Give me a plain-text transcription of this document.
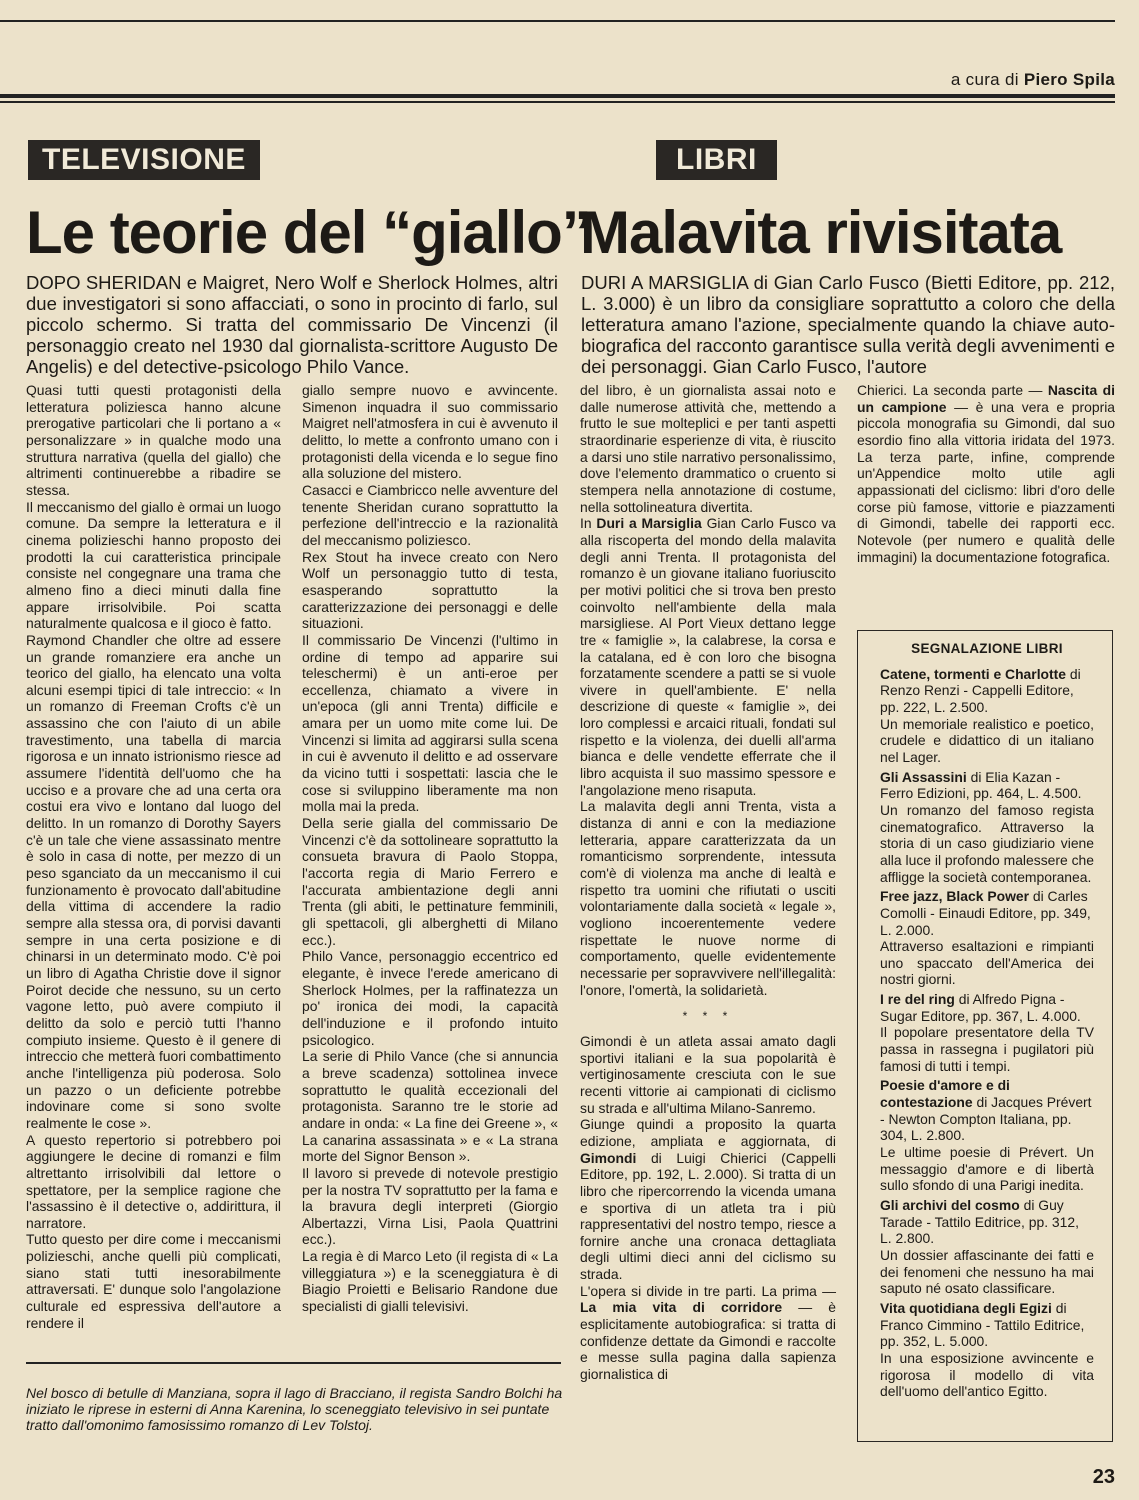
a cura di Piero Spila
TELEVISIONE	LIBRI
Le teorie del “giallo”
Malavita rivisitata
DOPO SHERIDAN e Maigret, Nero Wolf e Sherlock Holmes, altri due investigatori si sono affacciati, o sono in procinto di farlo, sul piccolo schermo. Si tratta del commissario De Vincenzi (il personaggio creato nel 1930 dal giornalista-scrittore Augusto De Angelis) e del detective-psicologo Philo Vance.
DURI A MARSIGLIA di Gian Carlo Fusco (Bietti Editore, pp. 212, L. 3.000) è un libro da consigliare soprattutto a coloro che della letteratura amano l'azione, specialmente quando la chiave auto-biografica del racconto garantisce sulla verità degli avvenimenti e dei personaggi. Gian Carlo Fusco, l'autore

Quasi tutti questi protagonisti della letteratura poliziesca hanno alcune prerogative particolari che li portano a « personalizzare » in qualche modo una struttura narrativa (quella del giallo) che altrimenti continuerebbe a ribadire se stessa.

Il meccanismo del giallo è ormai un luogo comune. Da sempre la letteratura e il cinema polizieschi hanno proposto dei prodotti la cui caratteristica principale consiste nel congegnare una trama che almeno fino a dieci minuti dalla fine appare irrisolvibile. Poi scatta naturalmente qualcosa e il gioco è fatto.

Raymond Chandler che oltre ad essere un grande romanziere era anche un teorico del giallo, ha elencato una volta alcuni esempi tipici di tale intreccio: « In un romanzo di Freeman Crofts c'è un assassino che con l'aiuto di un abile travestimento, una tabella di marcia rigorosa e un innato istrionismo riesce ad assumere l'identità dell'uomo che ha ucciso e a provare che ad una certa ora costui era vivo e lontano dal luogo del delitto. In un romanzo di Dorothy Sayers c'è un tale che viene assassinato mentre è solo in casa di notte, per mezzo di un peso sganciato da un meccanismo il cui funzionamento è provocato dall'abitudine della vittima di accendere la radio sempre alla stessa ora, di porvisi davanti sempre in una certa posizione e di chinarsi in un determinato modo. C'è poi un libro di Agatha Christie dove il signor Poirot decide che nessuno, su un certo vagone letto, può avere compiuto il delitto da solo e perciò tutti l'hanno compiuto insieme. Questo è il genere di intreccio che metterà fuori combattimento anche l'intelligenza più poderosa. Solo un pazzo o un deficiente potrebbe indovinare come si sono svolte realmente le cose ».

A questo repertorio si potrebbero poi aggiungere le decine di romanzi e film altrettanto irrisolvibili dal lettore o spettatore, per la semplice ragione che l'assassino è il detective o, addirittura, il narratore.

Tutto questo per dire come i meccanismi polizieschi, anche quelli più complicati, siano stati tutti inesorabilmente attraversati. E' dunque solo l'angolazione culturale ed espressiva dell'autore a rendere il

giallo sempre nuovo e avvincente. Simenon inquadra il suo commissario Maigret nell'atmosfera in cui è avvenuto il delitto, lo mette a confronto umano con i protagonisti della vicenda e lo segue fino alla soluzione del mistero.

Casacci e Ciambricco nelle avventure del tenente Sheridan curano soprattutto la perfezione dell'intreccio e la razionalità del meccanismo poliziesco.

Rex Stout ha invece creato con Nero Wolf un personaggio tutto di testa, esasperando soprattutto la caratterizzazione dei personaggi e delle situazioni.

Il commissario De Vincenzi (l'ultimo in ordine di tempo ad apparire sui teleschermi) è un anti-eroe per eccellenza, chiamato a vivere in un'epoca (gli anni Trenta) difficile e amara per un uomo mite come lui. De Vincenzi si limita ad aggirarsi sulla scena in cui è avvenuto il delitto e ad osservare da vicino tutti i sospettati: lascia che le cose si sviluppino liberamente ma non molla mai la preda.

Della serie gialla del commissario De Vincenzi c'è da sottolineare soprattutto la consueta bravura di Paolo Stoppa, l'accorta regia di Mario Ferrero e l'accurata ambientazione degli anni Trenta (gli abiti, le pettinature femminili, gli spettacoli, gli alberghetti di Milano ecc.).

Philo Vance, personaggio eccentrico ed elegante, è invece l'erede americano di Sherlock Holmes, per la raffinatezza un po' ironica dei modi, la capacità dell'induzione e il profondo intuito psicologico.

La serie di Philo Vance (che si annuncia a breve scadenza) sottolinea invece soprattutto le qualità eccezionali del protagonista. Saranno tre le storie ad andare in onda: « La fine dei Greene », « La canarina assassinata » e « La strana morte del Signor Benson ».

Il lavoro si prevede di notevole prestigio per la nostra TV soprattutto per la fama e la bravura degli interpreti (Giorgio Albertazzi, Virna Lisi, Paola Quattrini ecc.).

La regia è di Marco Leto (il regista di « La villeggiatura ») e la sceneggiatura è di Biagio Proietti e Belisario Randone due specialisti di gialli televisivi.

del libro, è un giornalista assai noto e dalle numerose attività che, mettendo a frutto le sue molteplici e per tanti aspetti straordinarie esperienze di vita, è riuscito a darsi uno stile narrativo personalissimo, dove l'elemento drammatico o cruento si stempera nella annotazione di costume, nella sottolineatura divertita.

In Duri a Marsiglia Gian Carlo Fusco va alla riscoperta del mondo della malavita degli anni Trenta. Il protagonista del romanzo è un giovane italiano fuoriuscito per motivi politici che si trova ben presto coinvolto nell'ambiente della mala marsigliese. Al Port Vieux dettano legge tre « famiglie », la calabrese, la corsa e la catalana, ed è con loro che bisogna forzatamente scendere a patti se si vuole vivere in quell'ambiente. E' nella descrizione di queste « famiglie », dei loro complessi e arcaici rituali, fondati sul rispetto e la violenza, dei duelli all'arma bianca e delle vendette efferrate che il libro acquista il suo massimo spessore e l'angolazione meno risaputa.

La malavita degli anni Trenta, vista a distanza di anni e con la mediazione letteraria, appare caratterizzata da un romanticismo sorprendente, intessuta com'è di violenza ma anche di lealtà e rispetto tra uomini che rifiutati o usciti volontariamente dalla società « legale », vogliono incoerentemente vedere rispettate le nuove norme di comportamento, quelle evidentemente necessarie per sopravvivere nell'illegalità: l'onore, l'omertà, la solidarietà.

* * *

Gimondi è un atleta assai amato dagli sportivi italiani e la sua popolarità è vertiginosamente cresciuta con le sue recenti vittorie ai campionati di ciclismo su strada e all'ultima Milano-Sanremo.

Giunge quindi a proposito la quarta edizione, ampliata e aggiornata, di Gimondi di Luigi Chierici (Cappelli Editore, pp. 192, L. 2.000). Si tratta di un libro che ripercorrendo la vicenda umana e sportiva di un atleta tra i più rappresentativi del nostro tempo, riesce a fornire anche una cronaca dettagliata degli ultimi dieci anni del ciclismo su strada.

L'opera si divide in tre parti. La prima — La mia vita di corridore — è esplicitamente autobiografica: si tratta di confidenze dettate da Gimondi e raccolte e messe sulla pagina dalla sapienza giornalistica di

Chierici. La seconda parte — Nascita di un campione — è una vera e propria piccola monografia su Gimondi, dal suo esordio fino alla vittoria iridata del 1973. La terza parte, infine, comprende un'Appendice molto utile agli appassionati del ciclismo: libri d'oro delle corse più famose, vittorie e piazzamenti di Gimondi, tabelle dei rapporti ecc. Notevole (per numero e qualità delle immagini) la documentazione fotografica.

SEGNALAZIONE LIBRI

Catene, tormenti e Charlotte di Renzo Renzi - Cappelli Editore, pp. 222, L. 2.500.

Un memoriale realistico e poetico, crudele e didattico di un italiano nel Lager.

Gli Assassini di Elia Kazan - Ferro Edizioni, pp. 464, L. 4.500.

Un romanzo del famoso regista cinematografico. Attraverso la storia di un caso giudiziario viene alla luce il profondo malessere che affligge la società contemporanea.

Free jazz, Black Power di Carles Comolli - Einaudi Editore, pp. 349, L. 2.000.

Attraverso esaltazioni e rimpianti uno spaccato dell'America dei nostri giorni.

I re del ring di Alfredo Pigna - Sugar Editore, pp. 367, L. 4.000.

Il popolare presentatore della TV passa in rassegna i pugilatori più famosi di tutti i tempi.

Poesie d'amore e di contestazione di Jacques Prévert - Newton Compton Italiana, pp. 304, L. 2.800.

Le ultime poesie di Prévert. Un messaggio d'amore e di libertà sullo sfondo di una Parigi inedita.

Gli archivi del cosmo di Guy Tarade - Tattilo Editrice, pp. 312, L. 2.800.

Un dossier affascinante dei fatti e dei fenomeni che nessuno ha mai saputo né osato classificare.

Vita quotidiana degli Egizi di Franco Cimmino - Tattilo Editrice, pp. 352, L. 5.000.

In una esposizione avvincente e rigorosa il modello di vita dell'uomo dell'antico Egitto.

Nel bosco di betulle di Manziana, sopra il lago di Bracciano, il regista Sandro Bolchi ha iniziato le riprese in esterni di Anna Karenina, lo sceneggiato televisivo in sei puntate tratto dall'omonimo famosissimo romanzo di Lev Tolstoj.
23
